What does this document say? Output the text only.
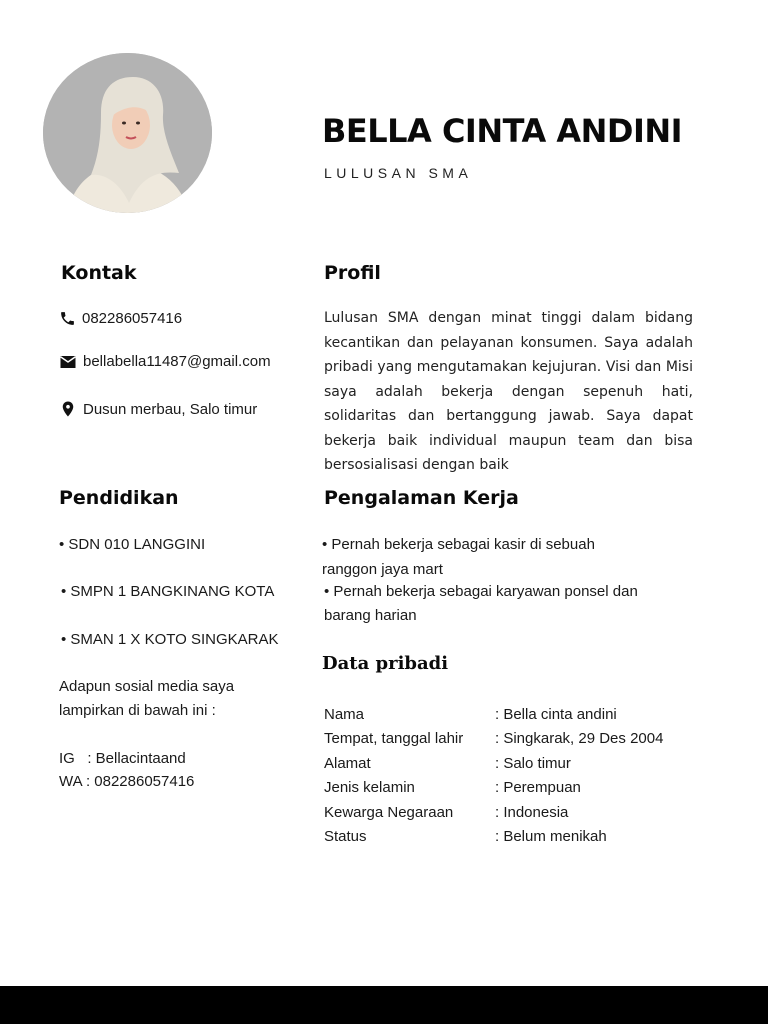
BELLA CINTA ANDINI
LULUSAN SMA
Kontak
082286057416
bellabella11487@gmail.com
Dusun merbau, Salo timur
Profil
Lulusan SMA dengan minat tinggi dalam bidang kecantikan dan pelayanan konsumen. Saya adalah pribadi yang mengutamakan kejujuran. Visi dan Misi saya adalah bekerja dengan sepenuh hati, solidaritas dan bertanggung jawab. Saya dapat bekerja baik individual maupun team dan bisa bersosialisasi dengan baik
Pendidikan
• SDN 010 LANGGINI
• SMPN 1 BANGKINANG KOTA
• SMAN 1 X KOTO SINGKARAK
Adapun sosial media saya
lampirkan di bawah ini :
IG   : Bellacintaand
WA : 082286057416
Pengalaman Kerja
• Pernah bekerja sebagai kasir di sebuah
ranggon jaya mart
• Pernah bekerja sebagai karyawan ponsel dan
barang harian
Data pribadi
Nama	: Bella cinta andini
Tempat, tanggal lahir	: Singkarak, 29 Des 2004
Alamat	: Salo timur
Jenis kelamin	: Perempuan
Kewarga Negaraan	: Indonesia
Status	: Belum menikah
